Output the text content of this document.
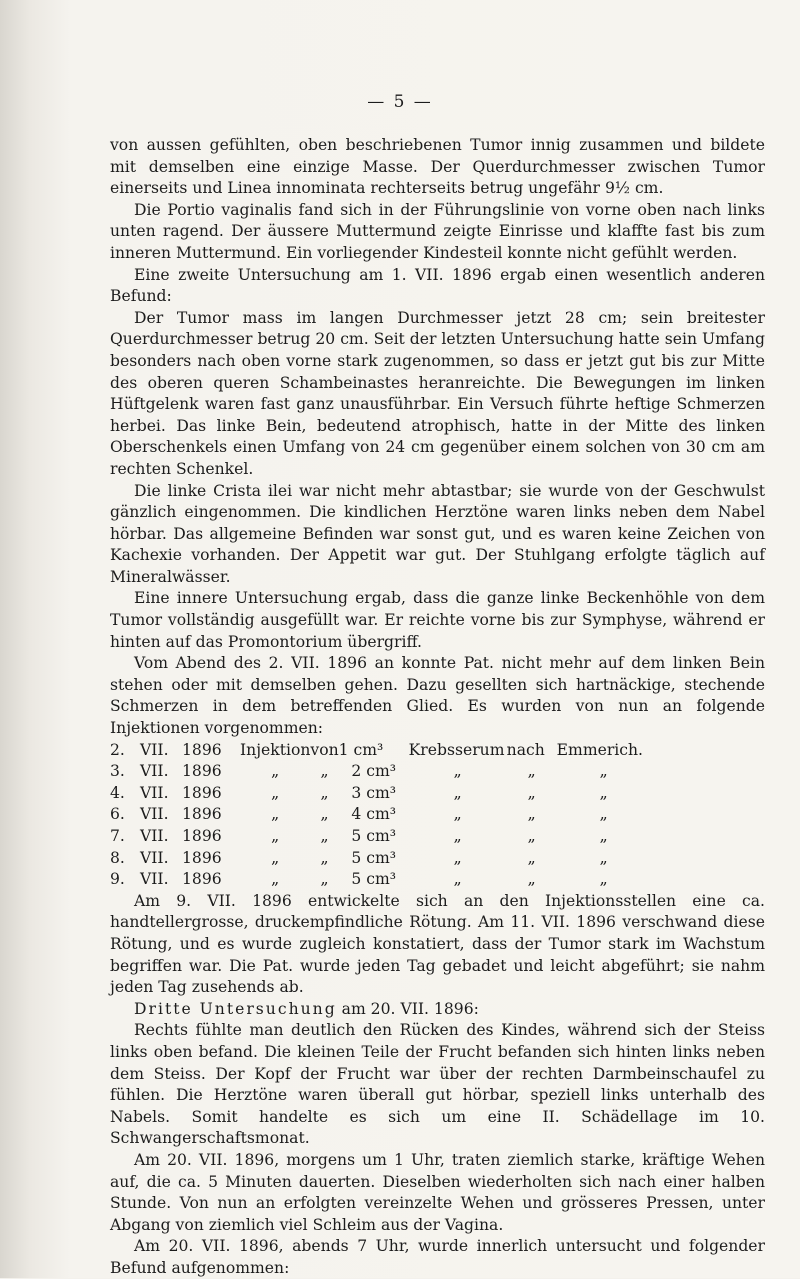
— 5 —

von aussen gefühlten, oben beschriebenen Tumor innig zusammen und bildete mit demselben eine einzige Masse. Der Querdurchmesser zwischen Tumor einerseits und Linea innominata rechterseits betrug ungefähr 9½ cm.

Die Portio vaginalis fand sich in der Führungslinie von vorne oben nach links unten ragend. Der äussere Muttermund zeigte Einrisse und klaffte fast bis zum inneren Muttermund. Ein vorliegender Kindesteil konnte nicht gefühlt werden.

Eine zweite Untersuchung am 1. VII. 1896 ergab einen wesentlich anderen Befund:

Der Tumor mass im langen Durchmesser jetzt 28 cm; sein breitester Querdurchmesser betrug 20 cm. Seit der letzten Untersuchung hatte sein Umfang besonders nach oben vorne stark zugenommen, so dass er jetzt gut bis zur Mitte des oberen queren Schambeinastes heranreichte. Die Bewegungen im linken Hüftgelenk waren fast ganz unausführbar. Ein Versuch führte heftige Schmerzen herbei. Das linke Bein, bedeutend atrophisch, hatte in der Mitte des linken Oberschenkels einen Umfang von 24 cm gegenüber einem solchen von 30 cm am rechten Schenkel.

Die linke Crista ilei war nicht mehr abtastbar; sie wurde von der Geschwulst gänzlich eingenommen. Die kindlichen Herztöne waren links neben dem Nabel hörbar. Das allgemeine Befinden war sonst gut, und es waren keine Zeichen von Kachexie vorhanden. Der Appetit war gut. Der Stuhlgang erfolgte täglich auf Mineralwässer.

Eine innere Untersuchung ergab, dass die ganze linke Beckenhöhle von dem Tumor vollständig ausgefüllt war. Er reichte vorne bis zur Symphyse, während er hinten auf das Promontorium übergriff.

Vom Abend des 2. VII. 1896 an konnte Pat. nicht mehr auf dem linken Bein stehen oder mit demselben gehen. Dazu gesellten sich hartnäckige, stechende Schmerzen in dem betreffenden Glied. Es wurden von nun an folgende Injektionen vorgenommen:

2.	VII.	1896	Injektion	von	1 cm³	Krebsserum	nach	Emmerich.
3.	VII.	1896	„	„	2 cm³	„	„	„
4.	VII.	1896	„	„	3 cm³	„	„	„
6.	VII.	1896	„	„	4 cm³	„	„	„
7.	VII.	1896	„	„	5 cm³	„	„	„
8.	VII.	1896	„	„	5 cm³	„	„	„
9.	VII.	1896	„	„	5 cm³	„	„	„

Am 9. VII. 1896 entwickelte sich an den Injektionsstellen eine ca. handtellergrosse, druckempfindliche Rötung. Am 11. VII. 1896 verschwand diese Rötung, und es wurde zugleich konstatiert, dass der Tumor stark im Wachstum begriffen war. Die Pat. wurde jeden Tag gebadet und leicht abgeführt; sie nahm jeden Tag zusehends ab.

Dritte Untersuchung am 20. VII. 1896:

Rechts fühlte man deutlich den Rücken des Kindes, während sich der Steiss links oben befand. Die kleinen Teile der Frucht befanden sich hinten links neben dem Steiss. Der Kopf der Frucht war über der rechten Darmbeinschaufel zu fühlen. Die Herztöne waren überall gut hörbar, speziell links unterhalb des Nabels. Somit handelte es sich um eine II. Schädellage im 10. Schwangerschaftsmonat.

Am 20. VII. 1896, morgens um 1 Uhr, traten ziemlich starke, kräftige Wehen auf, die ca. 5 Minuten dauerten. Dieselben wiederholten sich nach einer halben Stunde. Von nun an erfolgten vereinzelte Wehen und grösseres Pressen, unter Abgang von ziemlich viel Schleim aus der Vagina.

Am 20. VII. 1896, abends 7 Uhr, wurde innerlich untersucht und folgender Befund aufgenommen:
